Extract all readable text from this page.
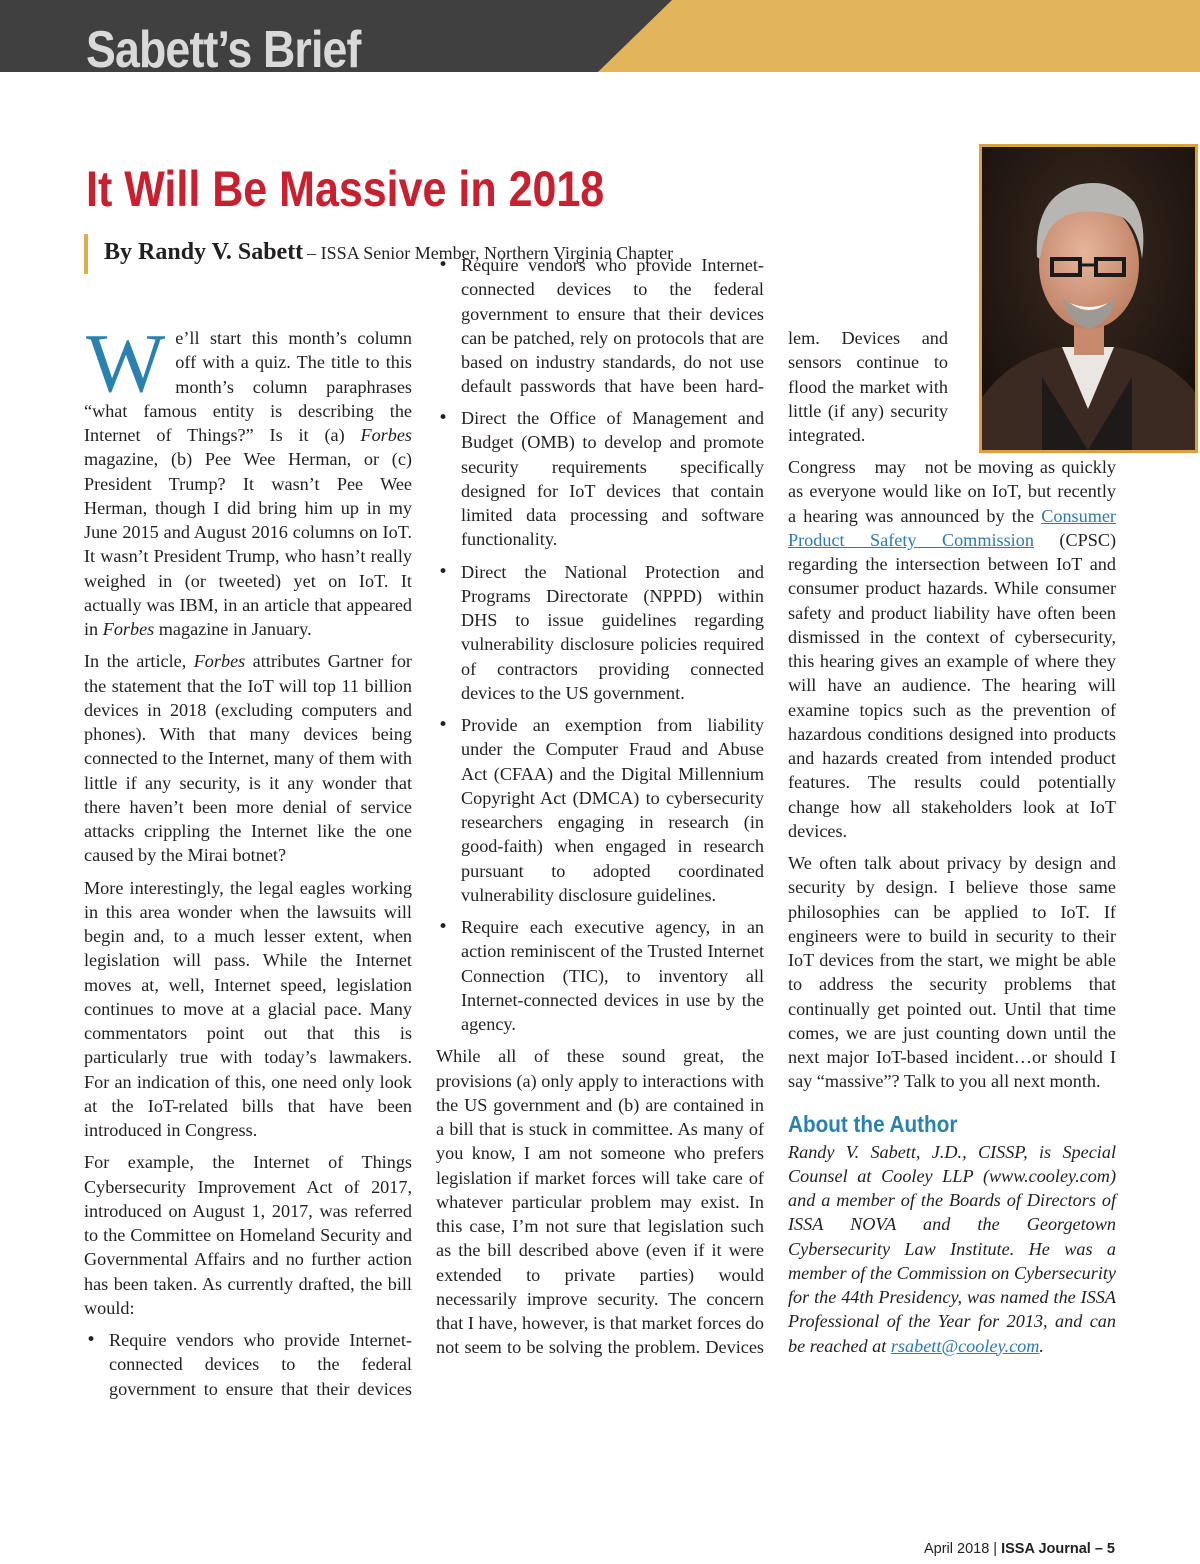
Sabett’s Brief
It Will Be Massive in 2018
By Randy V. Sabett – ISSA Senior Member, Northern Virginia Chapter

We’ll start this month’s column off with a quiz. The title to this month’s column paraphrases “what famous entity is describing the Internet of Things?” Is it (a) Forbes magazine, (b) Pee Wee Herman, or (c) President Trump? It wasn’t Pee Wee Herman, though I did bring him up in my June 2015 and August 2016 columns on IoT. It wasn’t President Trump, who hasn’t really weighed in (or tweeted) yet on IoT. It actually was IBM, in an article that appeared in Forbes magazine in January.

In the article, Forbes attributes Gartner for the statement that the IoT will top 11 billion devices in 2018 (excluding computers and phones). With that many devices being connected to the Internet, many of them with little if any security, is it any wonder that there haven’t been more denial of service attacks crippling the Internet like the one caused by the Mirai botnet?

More interestingly, the legal eagles working in this area wonder when the lawsuits will begin and, to a much lesser extent, when legislation will pass. While the Internet moves at, well, Internet speed, legislation continues to move at a glacial pace. Many commentators point out that this is particularly true with today’s lawmakers. For an indication of this, one need only look at the IoT-related bills that have been introduced in Congress.

For example, the Internet of Things Cybersecurity Improvement Act of 2017, introduced on August 1, 2017, was referred to the Committee on Homeland Security and Governmental Affairs and no further action has been taken. As currently drafted, the bill would:

• Require vendors who provide Internet-connected devices to the federal government to ensure that their devices
• Require vendors who provide Internet-connected devices to the federal government to ensure that their devices can be patched, rely on protocols that are based on industry standards, do not use default passwords that have been hard-
• Direct the Office of Management and Budget (OMB) to develop and promote security requirements specifically designed for IoT devices that contain limited data processing and software functionality.
• Direct the National Protection and Programs Directorate (NPPD) within DHS to issue guidelines regarding vulnerability disclosure policies required of contractors providing connected devices to the US government.
• Provide an exemption from liability under the Computer Fraud and Abuse Act (CFAA) and the Digital Millennium Copyright Act (DMCA) to cybersecurity researchers engaging in research (in good-faith) when engaged in research pursuant to adopted coordinated vulnerability disclosure guidelines.
• Require each executive agency, in an action reminiscent of the Trusted Internet Connection (TIC), to inventory all Internet-connected devices in use by the agency.

While all of these sound great, the provisions (a) only apply to interactions with the US government and (b) are contained in a bill that is stuck in committee. As many of you know, I am not someone who prefers legislation if market forces will take care of whatever particular problem may exist. In this case, I’m not sure that legislation such as the bill described above (even if it were extended to private parties) would necessarily improve security. The concern that I have, however, is that market forces do not seem to be solving the problem. Devices

lem. Devices and sensors continue to flood the market with little (if any) security integrated.

Congress may not be moving as quickly as everyone would like on IoT, but recently a hearing was announced by the Consumer Product Safety Commission (CPSC) regarding the intersection between IoT and consumer product hazards. While consumer safety and product liability have often been dismissed in the context of cybersecurity, this hearing gives an example of where they will have an audience. The hearing will examine topics such as the prevention of hazardous conditions designed into products and hazards created from intended product features. The results could potentially change how all stakeholders look at IoT devices.

We often talk about privacy by design and security by design. I believe those same philosophies can be applied to IoT. If engineers were to build in security to their IoT devices from the start, we might be able to address the security problems that continually get pointed out. Until that time comes, we are just counting down until the next major IoT-based incident…or should I say “massive”? Talk to you all next month.

About the Author

Randy V. Sabett, J.D., CISSP, is Special Counsel at Cooley LLP (www.cooley.com) and a member of the Boards of Directors of ISSA NOVA and the Georgetown Cybersecurity Law Institute. He was a member of the Commission on Cybersecurity for the 44th Presidency, was named the ISSA Professional of the Year for 2013, and can be reached at rsabett@cooley.com.

April 2018 | ISSA Journal – 5
